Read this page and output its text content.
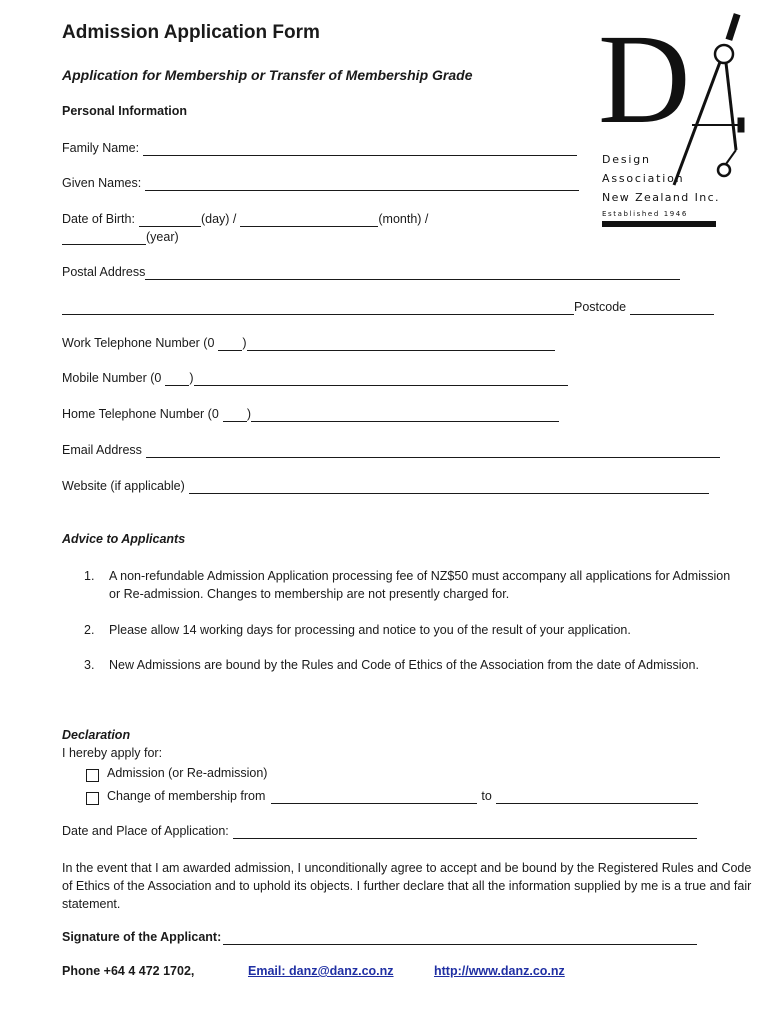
Admission Application Form
Application for Membership or Transfer of Membership Grade
Personal Information	D
Design
Association
New Zealand Inc.
Established 1946
Family Name:
Given Names:
Date of Birth:	(day) /	(month) /
(year)
Postal Address
Postcode
Work Telephone Number (0 )
Mobile Number (0 )
Home Telephone Number (0 )
Email Address
Website (if applicable)
Advice to Applicants
1.	A non-refundable Admission Application processing fee of NZ$50 must accompany all applications for Admission or Re-admission. Changes to membership are not presently charged for.
2.	Please allow 14 working days for processing and notice to you of the result of your application.
3.	New Admissions are bound by the Rules and Code of Ethics of the Association from the date of Admission.
Declaration
I hereby apply for:
Admission (or Re-admission)
Change of membership from	to
Date and Place of Application:
In the event that I am awarded admission, I unconditionally agree to accept and be bound by the Registered Rules and Code of Ethics of the Association and to uphold its objects. I further declare that all the information supplied by me is a true and fair statement.
Signature of the Applicant:
Phone +64 4 472 1702,	Email: danz@danz.co.nz	http://www.danz.co.nz
